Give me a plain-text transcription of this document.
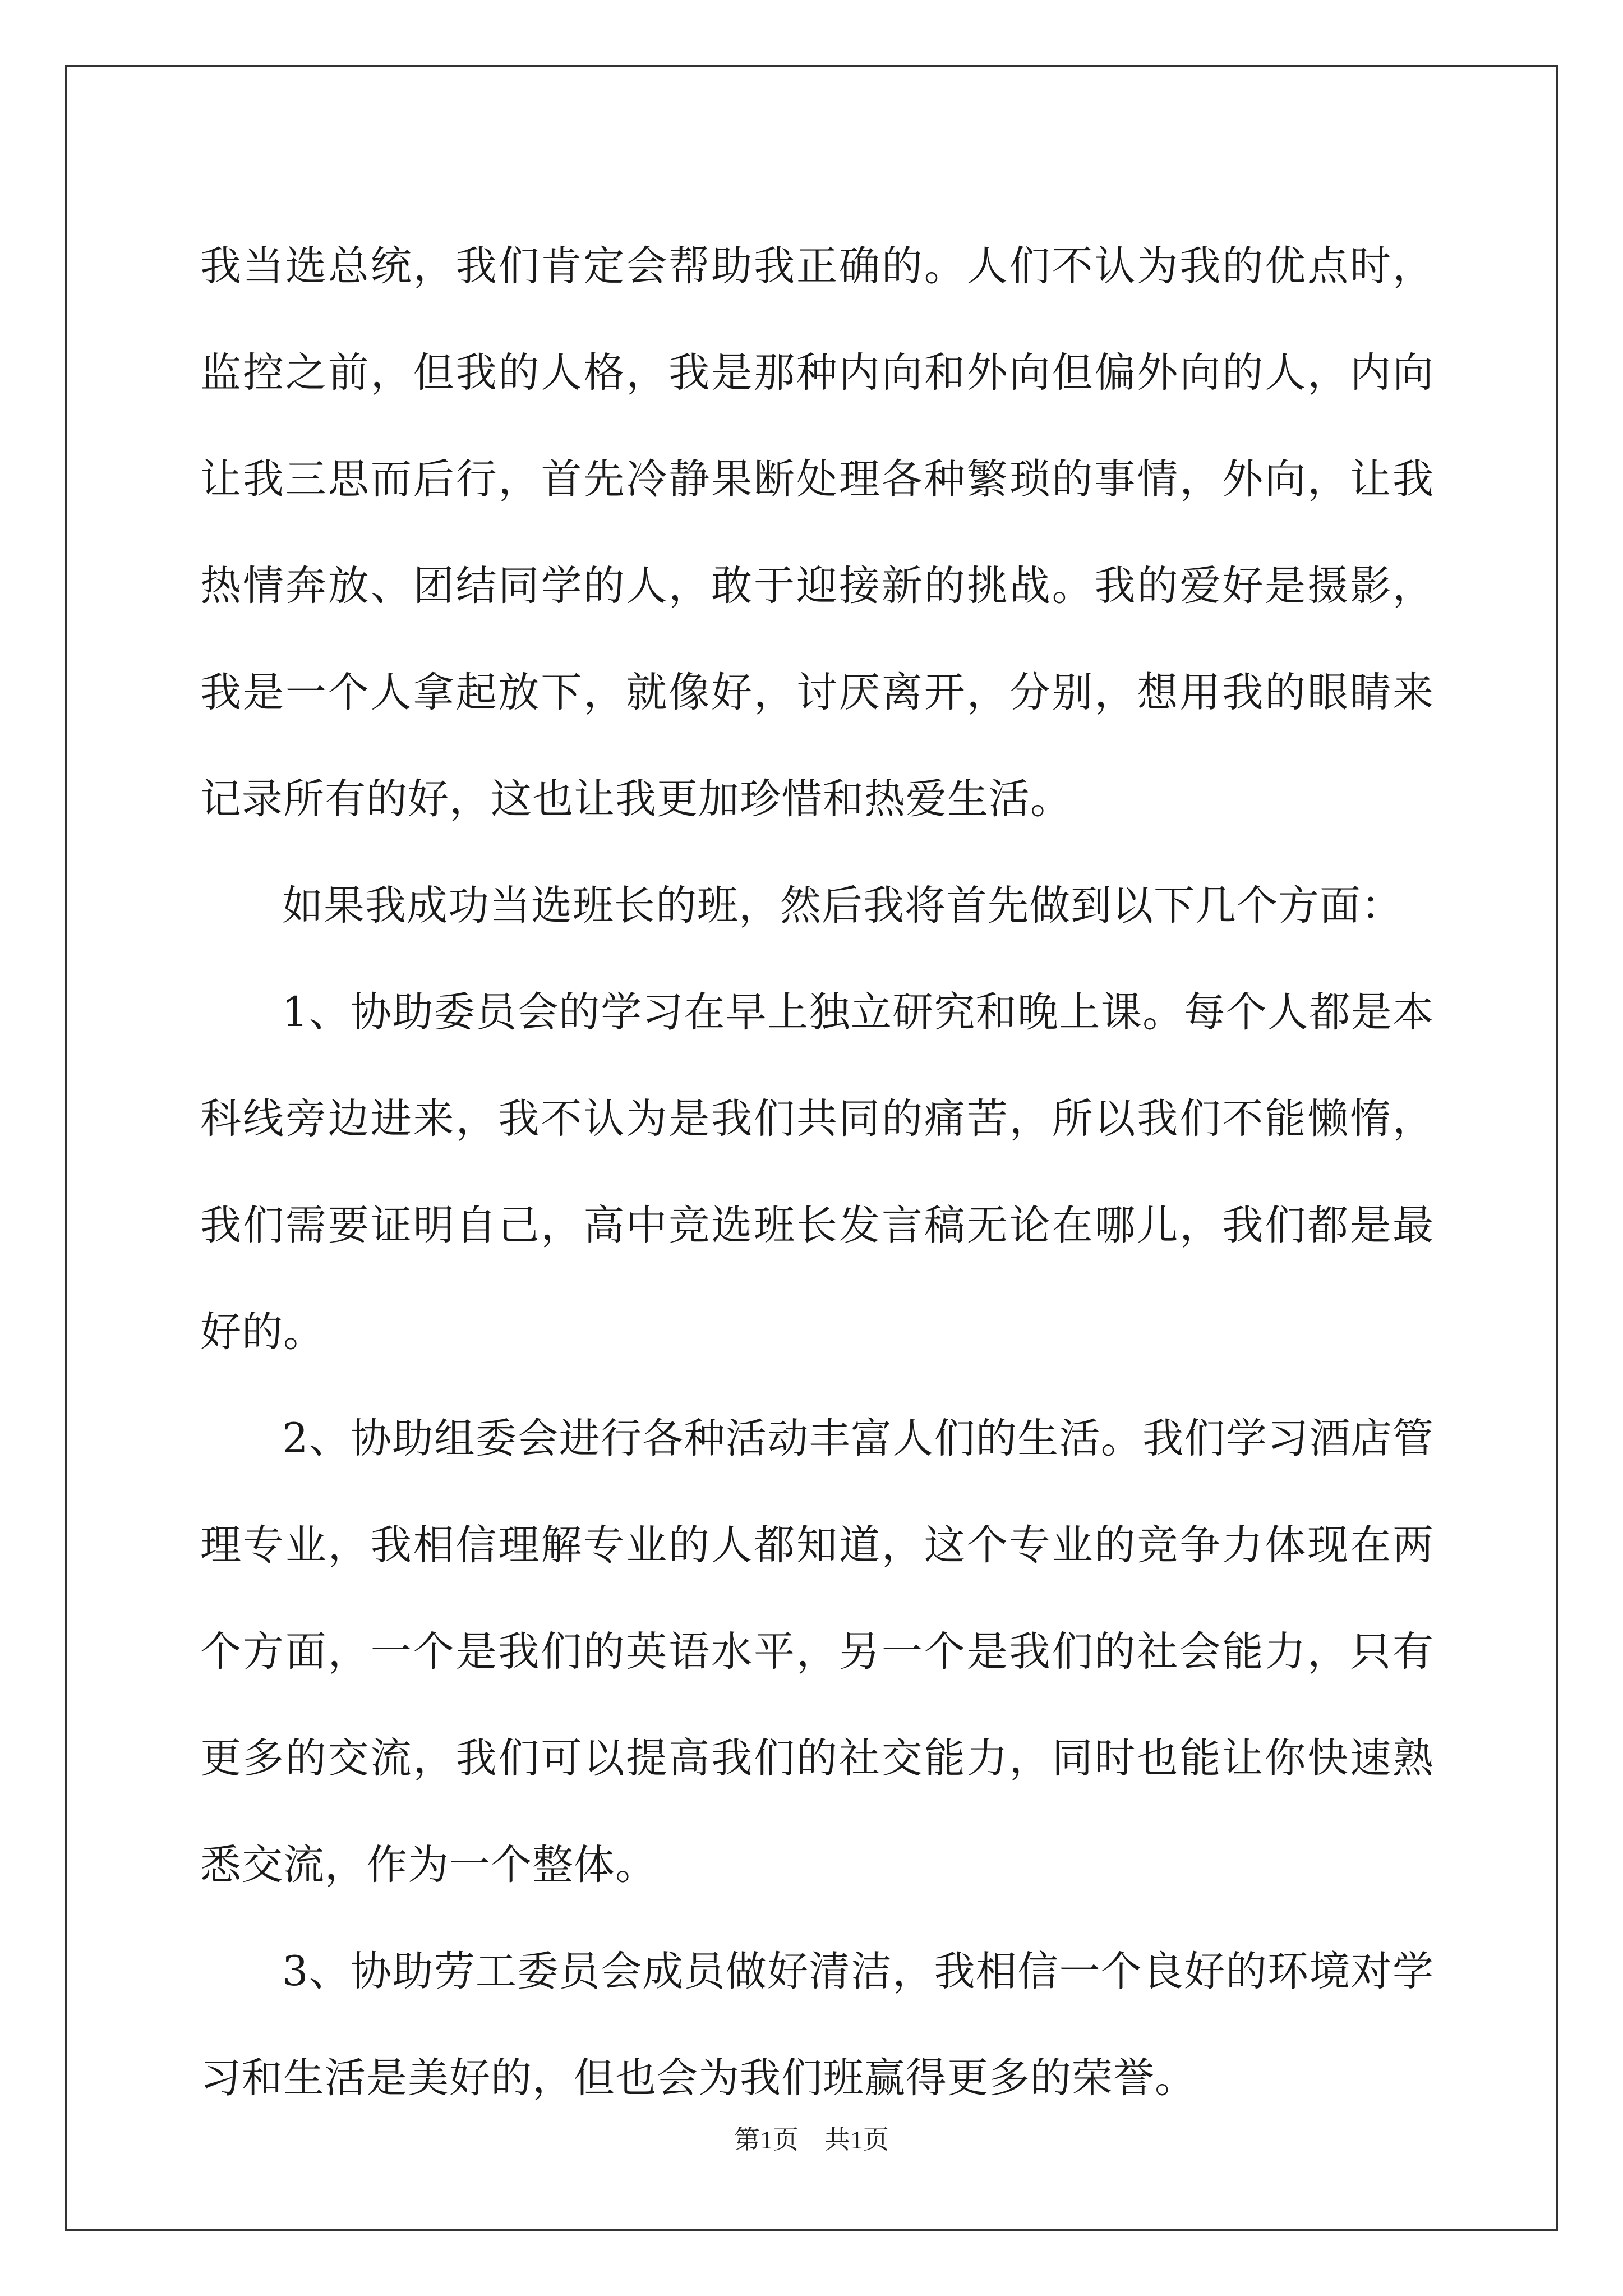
我当选总统，我们肯定会帮助我正确的。人们不认为我的优点时，监控之前，但我的人格，我是那种内向和外向但偏外向的人，内向让我三思而后行，首先冷静果断处理各种繁琐的事情，外向，让我热情奔放、团结同学的人，敢于迎接新的挑战。我的爱好是摄影，我是一个人拿起放下，就像好，讨厌离开，分别，想用我的眼睛来记录所有的好，这也让我更加珍惜和热爱生活。

如果我成功当选班长的班，然后我将首先做到以下几个方面：

1、协助委员会的学习在早上独立研究和晚上课。每个人都是本科线旁边进来，我不认为是我们共同的痛苦，所以我们不能懒惰，我们需要证明自己，高中竞选班长发言稿无论在哪儿，我们都是最好的。

2、协助组委会进行各种活动丰富人们的生活。我们学习酒店管理专业，我相信理解专业的人都知道，这个专业的竞争力体现在两个方面，一个是我们的英语水平，另一个是我们的社会能力，只有更多的交流，我们可以提高我们的社交能力，同时也能让你快速熟悉交流，作为一个整体。

3、协助劳工委员会成员做好清洁，我相信一个良好的环境对学习和生活是美好的，但也会为我们班赢得更多的荣誉。

第1页　共1页
